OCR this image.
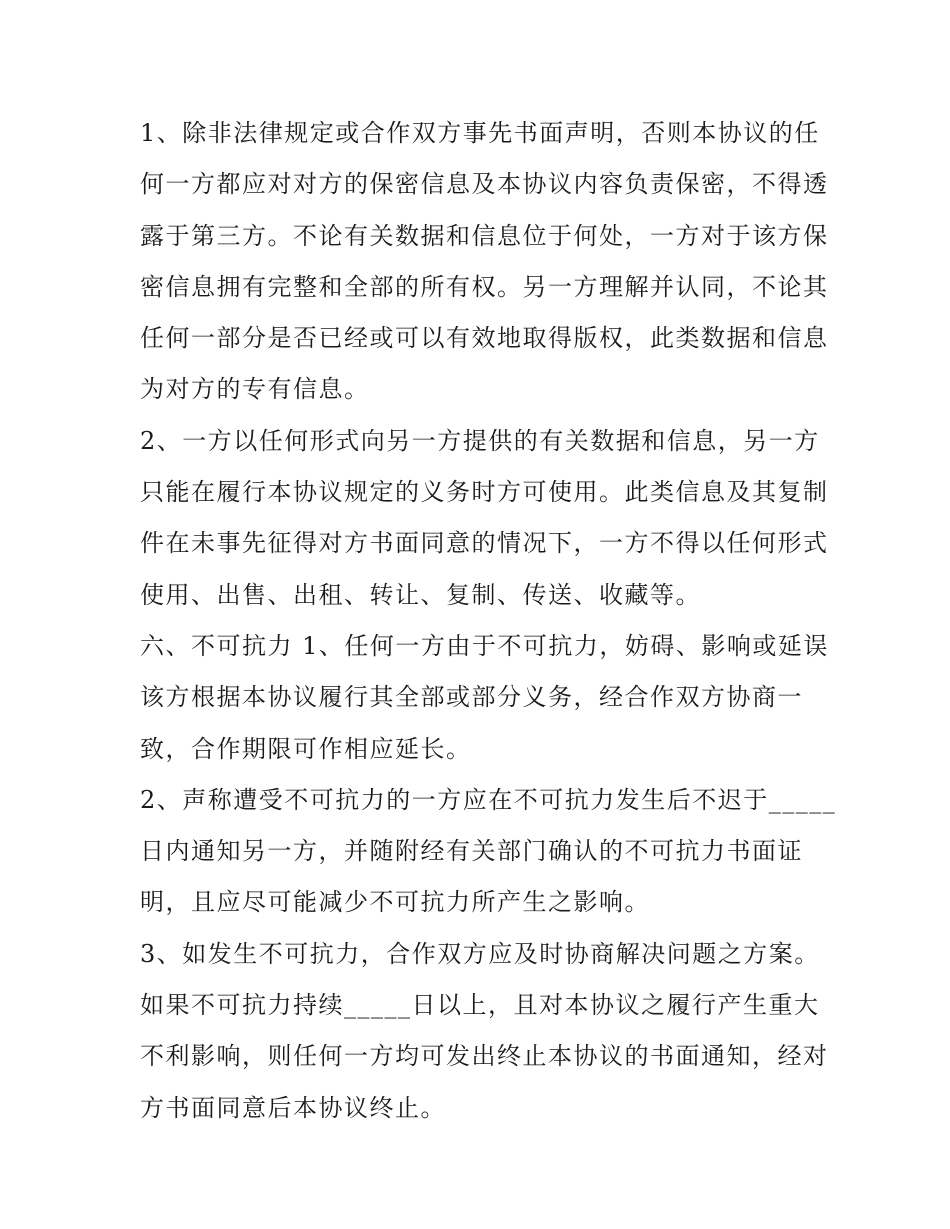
1、除非法律规定或合作双方事先书面声明，否则本协议的任
何一方都应对对方的保密信息及本协议内容负责保密，不得透
露于第三方。不论有关数据和信息位于何处，一方对于该方保
密信息拥有完整和全部的所有权。另一方理解并认同，不论其
任何一部分是否已经或可以有效地取得版权，此类数据和信息
为对方的专有信息。
2、一方以任何形式向另一方提供的有关数据和信息，另一方
只能在履行本协议规定的义务时方可使用。此类信息及其复制
件在未事先征得对方书面同意的情况下，一方不得以任何形式
使用、出售、出租、转让、复制、传送、收藏等。
六、不可抗力 1、任何一方由于不可抗力，妨碍、影响或延误
该方根据本协议履行其全部或部分义务，经合作双方协商一
致，合作期限可作相应延长。
2、声称遭受不可抗力的一方应在不可抗力发生后不迟于_____
日内通知另一方，并随附经有关部门确认的不可抗力书面证
明，且应尽可能减少不可抗力所产生之影响。
3、如发生不可抗力，合作双方应及时协商解决问题之方案。
如果不可抗力持续_____日以上，且对本协议之履行产生重大
不利影响，则任何一方均可发出终止本协议的书面通知，经对
方书面同意后本协议终止。
